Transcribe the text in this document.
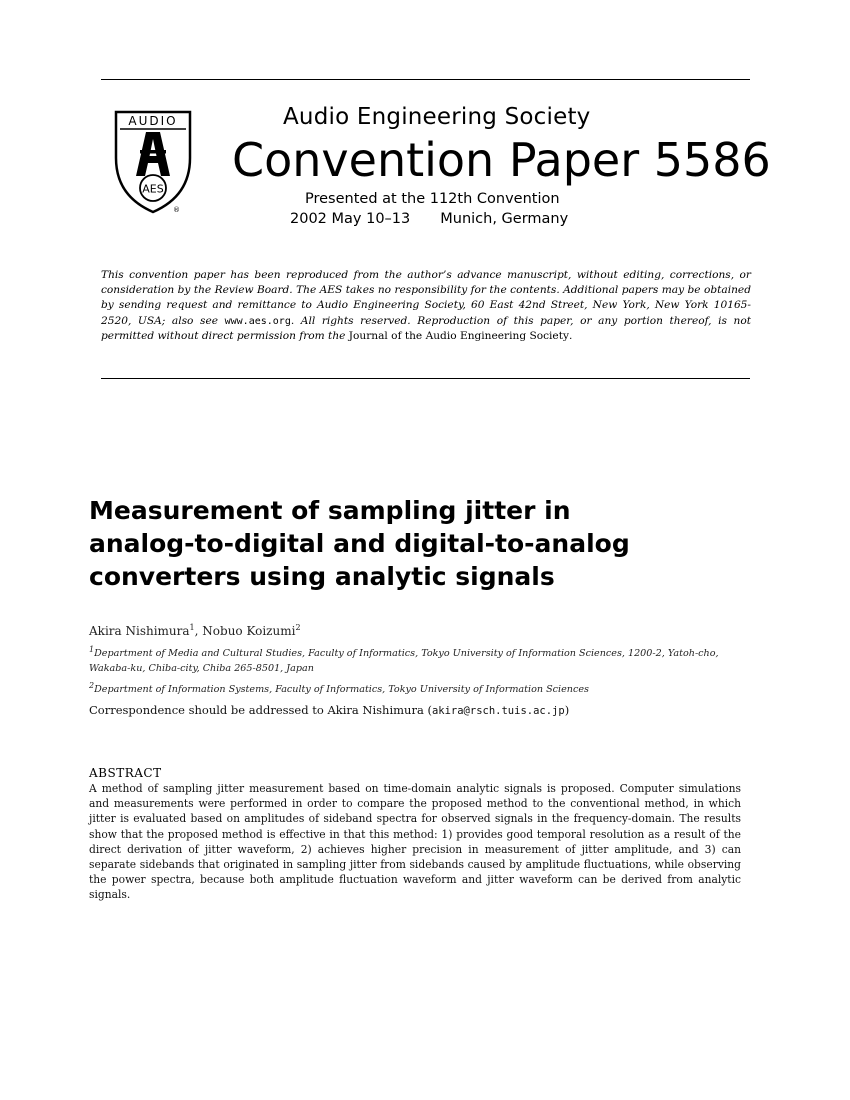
AUDIO
AES
®
Audio Engineering Society
Convention Paper 5586
Presented at the 112th Convention
2002 May 10–13 Munich, Germany
This convention paper has been reproduced from the author’s advance manuscript, without editing, corrections, or consideration by the Review Board. The AES takes no responsibility for the contents. Additional papers may be obtained by sending request and remittance to Audio Engineering Society, 60 East 42nd Street, New York, New York 10165-2520, USA; also see www.aes.org. All rights reserved. Reproduction of this paper, or any portion thereof, is not permitted without direct permission from the Journal of the Audio Engineering Society.
Measurement of sampling jitter in
analog-to-digital and digital-to-analog
converters using analytic signals
Akira Nishimura$^1$, Nobuo Koizumi$^2$
$^1$Department of Media and Cultural Studies, Faculty of Informatics, Tokyo University of Information Sciences, 1200-2, Yatoh-cho, Wakaba-ku, Chiba-city, Chiba 265-8501, Japan
$^2$Department of Information Systems, Faculty of Informatics, Tokyo University of Information Sciences
Correspondence should be addressed to Akira Nishimura (akira@rsch.tuis.ac.jp)
ABSTRACT

A method of sampling jitter measurement based on time-domain analytic signals is proposed. Computer simulations and measurements were performed in order to compare the proposed method to the conventional method, in which jitter is evaluated based on amplitudes of sideband spectra for observed signals in the frequency-domain. The results show that the proposed method is effective in that this method: 1) provides good temporal resolution as a result of the direct derivation of jitter waveform, 2) achieves higher precision in measurement of jitter amplitude, and 3) can separate sidebands that originated in sampling jitter from sidebands caused by amplitude fluctuations, while observing the power spectra, because both amplitude fluctuation waveform and jitter waveform can be derived from analytic signals.
